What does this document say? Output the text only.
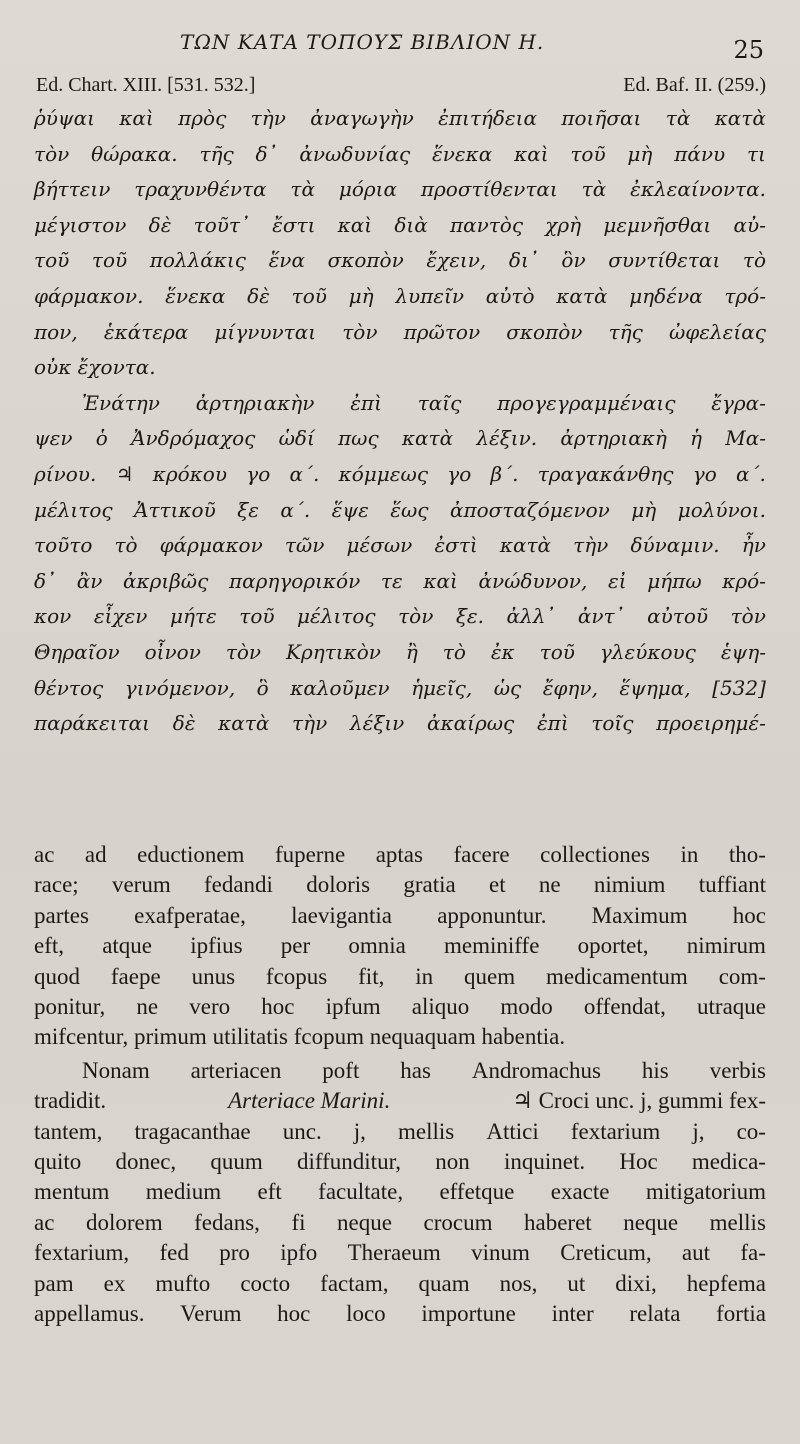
ΤΩΝ ΚΑΤΑ ΤΟΠΟΥΣ ΒΙΒΛΙΟΝ Η.	25
Ed. Chart. XIII. [531. 532.]	Ed. Baf. II. (259.)
ῥύψαι καὶ πρὸς τὴν ἀναγωγὴν ἐπιτήδεια ποιῆσαι τὰ κατὰ
τὸν θώρακα. τῆς δ᾽ ἀνωδυνίας ἕνεκα καὶ τοῦ μὴ πάνυ τι
βήττειν τραχυνθέντα τὰ μόρια προστίθενται τὰ ἐκλεαίνοντα.
μέγιστον δὲ τοῦτ᾽ ἔστι καὶ διὰ παντὸς χρὴ μεμνῆσθαι αὐ-
τοῦ τοῦ πολλάκις ἕνα σκοπὸν ἔχειν, δι᾽ ὃν συντίθεται τὸ
φάρμακον. ἕνεκα δὲ τοῦ μὴ λυπεῖν αὐτὸ κατὰ μηδένα τρό-
πον, ἑκάτερα μίγνυνται τὸν πρῶτον σκοπὸν τῆς ὠφελείας
οὐκ ἔχοντα.
Ἐνάτην ἀρτηριακὴν ἐπὶ ταῖς προγεγραμμέναις ἔγρα-
ψεν ὁ Ἀνδρόμαχος ὡδί πως κατὰ λέξιν. ἀρτηριακὴ ἡ Μα-
ρίνου. ♃ κρόκου γο α΄. κόμμεως γο β΄. τραγακάνθης γο α΄.
μέλιτος Ἀττικοῦ ξε α΄. ἕψε ἕως ἀποσταζόμενον μὴ μολύνοι.
τοῦτο τὸ φάρμακον τῶν μέσων ἐστὶ κατὰ τὴν δύναμιν. ἦν
δ᾽ ἂν ἀκριβῶς παρηγορικόν τε καὶ ἀνώδυνον, εἰ μήπω κρό-
κον εἶχεν μήτε τοῦ μέλιτος τὸν ξε. ἀλλ᾽ ἀντ᾽ αὐτοῦ τὸν
Θηραῖον οἶνον τὸν Κρητικὸν ἢ τὸ ἐκ τοῦ γλεύκους ἑψη-
θέντος γινόμενον, ὃ καλοῦμεν ἡμεῖς, ὡς ἔφην, ἕψημα, [532]
παράκειται δὲ κατὰ τὴν λέξιν ἀκαίρως ἐπὶ τοῖς προειρημέ-
ac ad eductionem fuperne aptas facere collectiones in tho-
race; verum fedandi doloris gratia et ne nimium tuffiant
partes exafperatae, laevigantia apponuntur. Maximum hoc
eft, atque ipfius per omnia meminiffe oportet, nimirum
quod faepe unus fcopus fit, in quem medicamentum com-
ponitur, ne vero hoc ipfum aliquo modo offendat, utraque
mifcentur, primum utilitatis fcopum nequaquam habentia.
Nonam arteriacen poft has Andromachus his verbis
tradidit.	Arteriace Marini.	♃ Croci unc. j, gummi fex-
tantem, tragacanthae unc. j, mellis Attici fextarium j, co-
quito donec, quum diffunditur, non inquinet. Hoc medica-
mentum medium eft facultate, effetque exacte mitigatorium
ac dolorem fedans, fi neque crocum haberet neque mellis
fextarium, fed pro ipfo Theraeum vinum Creticum, aut fa-
pam ex mufto cocto factam, quam nos, ut dixi, hepfema
appellamus. Verum hoc loco importune inter relata fortia
